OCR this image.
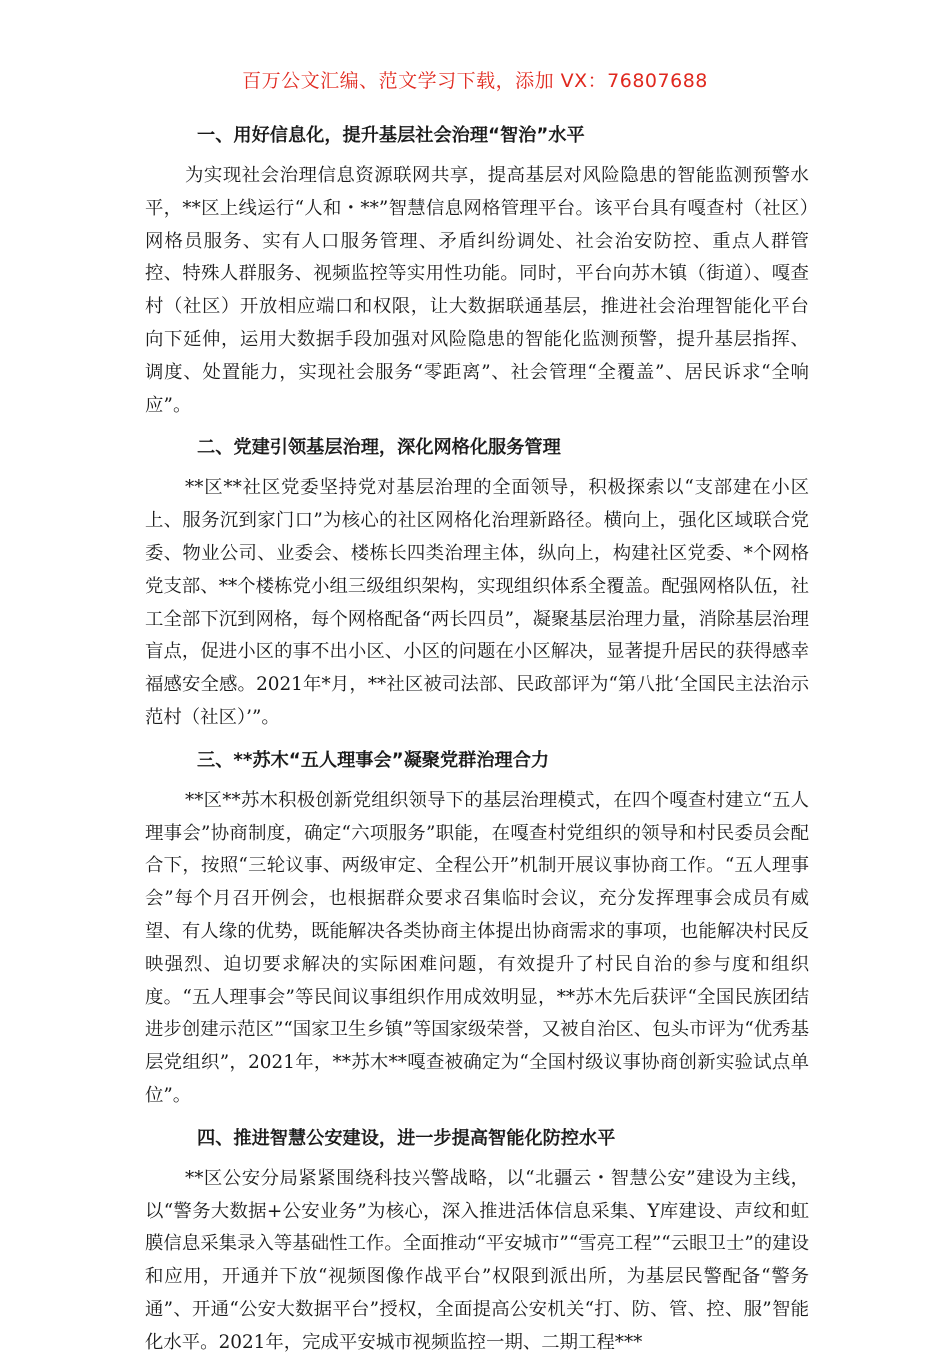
百万公文汇编、范文学习下载，添加 VX：76807688
一、用好信息化，提升基层社会治理“智治”水平

为实现社会治理信息资源联网共享，提高基层对风险隐患的智能监测预警水平，**区上线运行“人和・**”智慧信息网格管理平台。该平台具有嘎查村（社区）网格员服务、实有人口服务管理、矛盾纠纷调处、社会治安防控、重点人群管控、特殊人群服务、视频监控等实用性功能。同时，平台向苏木镇（街道）、嘎查村（社区）开放相应端口和权限，让大数据联通基层，推进社会治理智能化平台向下延伸，运用大数据手段加强对风险隐患的智能化监测预警，提升基层指挥、调度、处置能力，实现社会服务“零距离”、社会管理“全覆盖”、居民诉求“全响应”。

二、党建引领基层治理，深化网格化服务管理

**区**社区党委坚持党对基层治理的全面领导，积极探索以“支部建在小区上、服务沉到家门口”为核心的社区网格化治理新路径。横向上，强化区域联合党委、物业公司、业委会、楼栋长四类治理主体，纵向上，构建社区党委、*个网格党支部、**个楼栋党小组三级组织架构，实现组织体系全覆盖。配强网格队伍，社工全部下沉到网格，每个网格配备“两长四员”，凝聚基层治理力量，消除基层治理盲点，促进小区的事不出小区、小区的问题在小区解决，显著提升居民的获得感幸福感安全感。2021年*月，**社区被司法部、民政部评为“第八批‘全国民主法治示范村（社区）’”。

三、**苏木“五人理事会”凝聚党群治理合力

**区**苏木积极创新党组织领导下的基层治理模式，在四个嘎查村建立“五人理事会”协商制度，确定“六项服务”职能，在嘎查村党组织的领导和村民委员会配合下，按照“三轮议事、两级审定、全程公开”机制开展议事协商工作。“五人理事会”每个月召开例会，也根据群众要求召集临时会议，充分发挥理事会成员有威望、有人缘的优势，既能解决各类协商主体提出协商需求的事项，也能解决村民反映强烈、迫切要求解决的实际困难问题，有效提升了村民自治的参与度和组织度。“五人理事会”等民间议事组织作用成效明显，**苏木先后获评“全国民族团结进步创建示范区”“国家卫生乡镇”等国家级荣誉，又被自治区、包头市评为“优秀基层党组织”，2021年，**苏木**嘎查被确定为“全国村级议事协商创新实验试点单位”。

四、推进智慧公安建设，进一步提高智能化防控水平

**区公安分局紧紧围绕科技兴警战略，以“北疆云・智慧公安”建设为主线，以“警务大数据+公安业务”为核心，深入推进活体信息采集、Y库建设、声纹和虹膜信息采集录入等基础性工作。全面推动“平安城市”“雪亮工程”“云眼卫士”的建设和应用，开通并下放“视频图像作战平台”权限到派出所，为基层民警配备“警务通”、开通“公安大数据平台”授权，全面提高公安机关“打、防、管、控、服”智能化水平。2021年，完成平安城市视频监控一期、二期工程***
